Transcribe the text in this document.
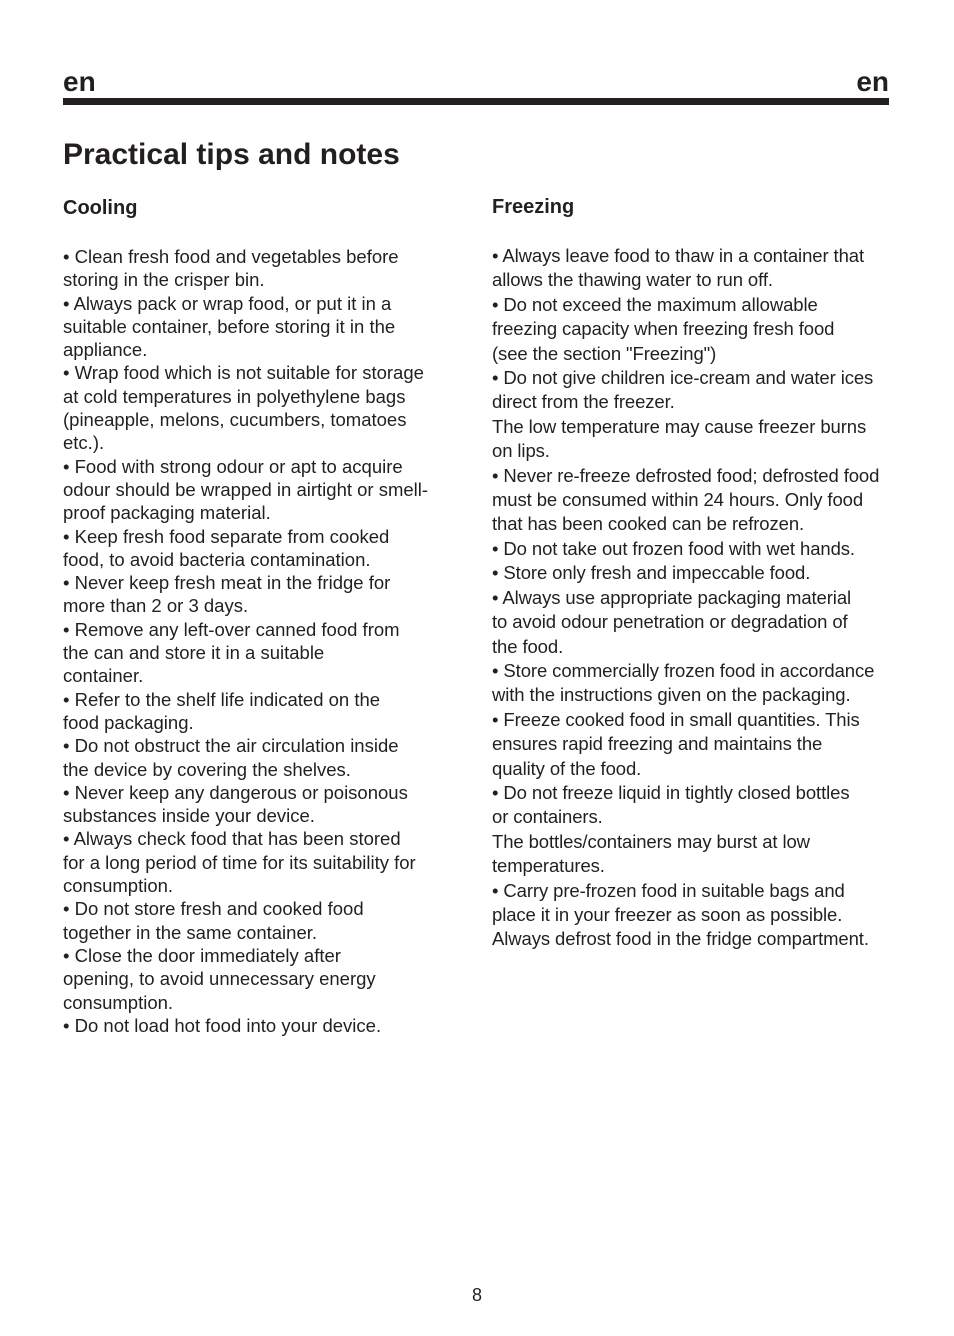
en	en
Practical tips and notes
Cooling

• Clean fresh food and vegetables before
storing in the crisper bin.

• Always pack or wrap food, or put it in a
suitable container, before storing it in the
appliance.

• Wrap food which is not suitable for storage
at cold temperatures in polyethylene bags
(pineapple, melons, cucumbers, tomatoes
etc.).

• Food with strong odour or apt to acquire
odour should be wrapped in airtight or smell-
proof packaging material.

• Keep fresh food separate from cooked
food, to avoid bacteria contamination.

• Never keep fresh meat in the fridge for
more than 2 or 3 days.

• Remove any left-over canned food from
the can and store it in a suitable
container.

• Refer to the shelf life indicated on the
food packaging.

• Do not obstruct the air circulation inside
the device by covering the shelves.

• Never keep any dangerous or poisonous
substances inside your device.

• Always check food that has been stored
for a long period of time for its suitability for
consumption.

• Do not store fresh and cooked food
together in the same container.

• Close the door immediately after
opening, to avoid unnecessary energy
consumption.

• Do not load hot food into your device.

Freezing

• Always leave food to thaw in a container that
allows the thawing water to run off.

• Do not exceed the maximum allowable
freezing capacity when freezing fresh food
(see the section "Freezing")

• Do not give children ice-cream and water ices
direct from the freezer.

The low temperature may cause freezer burns
on lips.

• Never re-freeze defrosted food; defrosted food
must be consumed within 24 hours. Only food
that has been cooked can be refrozen.

• Do not take out frozen food with wet hands.

• Store only fresh and impeccable food.

• Always use appropriate packaging material
to avoid odour penetration or degradation of
the food.

• Store commercially frozen food in accordance
with the instructions given on the packaging.

• Freeze cooked food in small quantities. This
ensures rapid freezing and maintains the
quality of the food.

• Do not freeze liquid in tightly closed bottles
or containers.

The bottles/containers may burst at low
temperatures.

• Carry pre-frozen food in suitable bags and
place it in your freezer as soon as possible.

Always defrost food in the fridge compartment.

8
